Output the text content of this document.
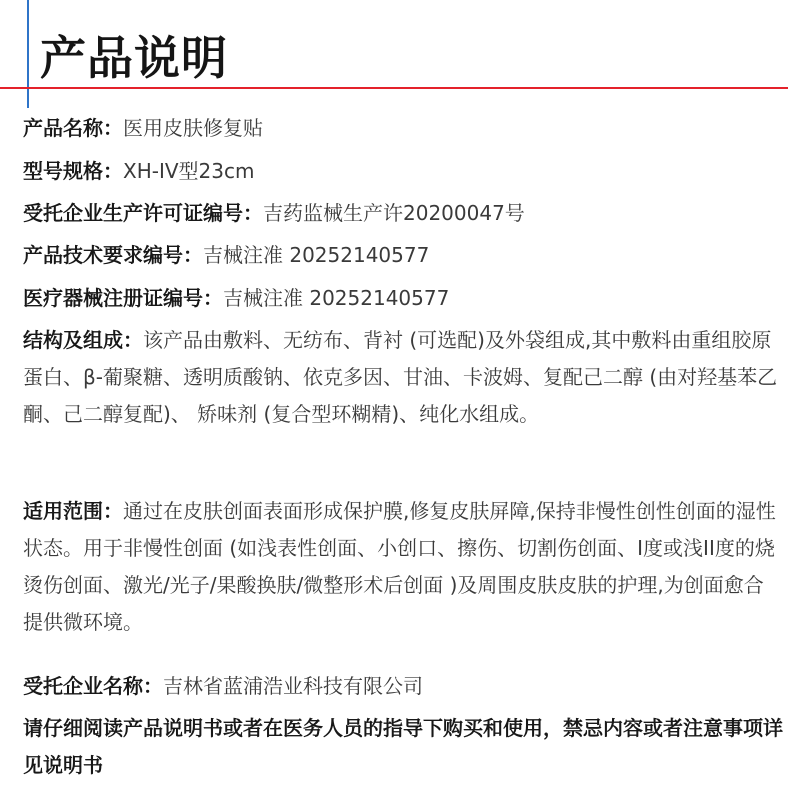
产品说明
产品名称：医用皮肤修复贴
型号规格：XH-IV型23cm
受托企业生产许可证编号：吉药监械生产许20200047号
产品技术要求编号：吉械注准 20252140577
医疗器械注册证编号：吉械注准 20252140577
结构及组成：该产品由敷料、无纺布、背衬 (可选配)及外袋组成,其中敷料由重组胶原蛋白、β-葡聚糖、透明质酸钠、依克多因、甘油、卡波姆、复配己二醇 (由对羟基苯乙酮、己二醇复配)、 矫味剂 (复合型环糊精)、纯化水组成。
适用范围：通过在皮肤创面表面形成保护膜,修复皮肤屏障,保持非慢性创性创面的湿性状态。用于非慢性创面 (如浅表性创面、小创口、擦伤、切割伤创面、I度或浅II度的烧烫伤创面、激光/光子/果酸换肤/微整形术后创面 )及周围皮肤皮肤的护理,为创面愈合提供微环境。
受托企业名称：吉林省蓝浦浩业科技有限公司
请仔细阅读产品说明书或者在医务人员的指导下购买和使用，禁忌内容或者注意事项详见说明书
